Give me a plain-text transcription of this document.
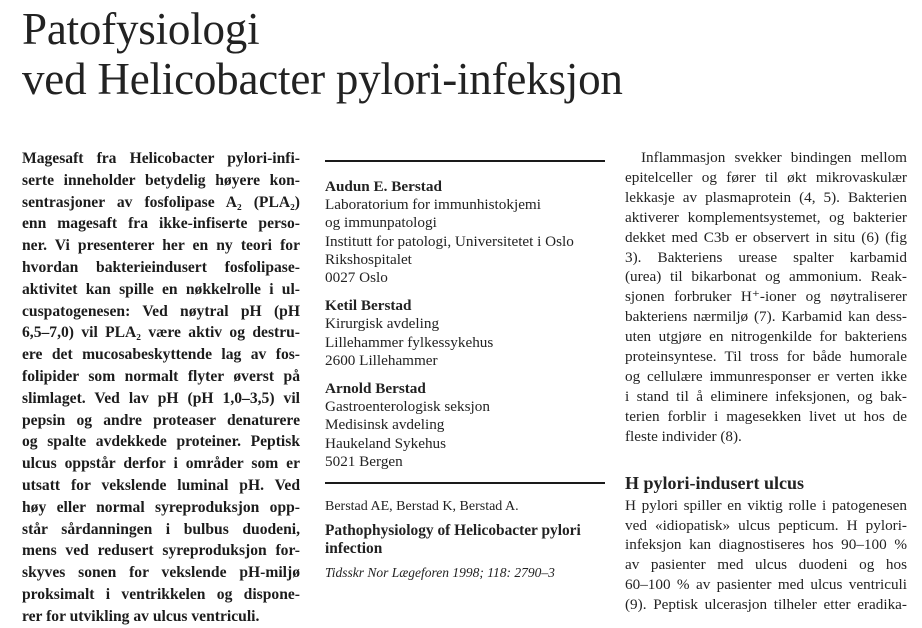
Patofysiologi
ved Helicobacter pylori-infeksjon
Magesaft fra Helicobacter pylori-infi-
serte inneholder betydelig høyere kon-
sentrasjoner av fosfolipase A₂ (PLA₂)
enn magesaft fra ikke-infiserte perso-
ner. Vi presenterer her en ny teori for
hvordan bakterieindusert fosfolipase-
aktivitet kan spille en nøkkelrolle i ul-
cuspatogenesen: Ved nøytral pH (pH
6,5–7,0) vil PLA₂ være aktiv og destru-
ere det mucosabeskyttende lag av fos-
folipider som normalt flyter øverst på
slimlaget. Ved lav pH (pH 1,0–3,5) vil
pepsin og andre proteaser denaturere
og spalte avdekkede proteiner. Peptisk
ulcus oppstår derfor i områder som er
utsatt for vekslende luminal pH. Ved
høy eller normal syreproduksjon opp-
står sårdanningen i bulbus duodeni,
mens ved redusert syreproduksjon for-
skyves sonen for vekslende pH-miljø
proksimalt i ventrikkelen og dispone-
rer for utvikling av ulcus ventriculi.
Audun E. Berstad
Laboratorium for immunhistokjemi
og immunpatologi
Institutt for patologi, Universitetet i Oslo
Rikshospitalet
0027 Oslo
Ketil Berstad
Kirurgisk avdeling
Lillehammer fylkessykehus
2600 Lillehammer
Arnold Berstad
Gastroenterologisk seksjon
Medisinsk avdeling
Haukeland Sykehus
5021 Bergen
Berstad AE, Berstad K, Berstad A.
Pathophysiology of Helicobacter pylori infection
Tidsskr Nor Lægeforen 1998; 118: 2790–3
Inflammasjon svekker bindingen mellom
epitelceller og fører til økt mikrovaskulær
lekkasje av plasmaprotein (4, 5). Bakterien
aktiverer komplementsystemet, og bakterier
dekket med C3b er observert in situ (6) (fig
3). Bakteriens urease spalter karbamid
(urea) til bikarbonat og ammonium. Reak-
sjonen forbruker H⁺-ioner og nøytraliserer
bakteriens nærmiljø (7). Karbamid kan dess-
uten utgjøre en nitrogenkilde for bakteriens
proteinsyntese. Til tross for både humorale
og cellulære immunresponser er verten ikke
i stand til å eliminere infeksjonen, og bak-
terien forblir i magesekken livet ut hos de
fleste individer (8).
H pylori-indusert ulcus
H pylori spiller en viktig rolle i patogenesen
ved «idiopatisk» ulcus pepticum. H pylori-
infeksjon kan diagnostiseres hos 90–100 %
av pasienter med ulcus duodeni og hos
60–100 % av pasienter med ulcus ventriculi
(9). Peptisk ulcerasjon tilheler etter eradika-
